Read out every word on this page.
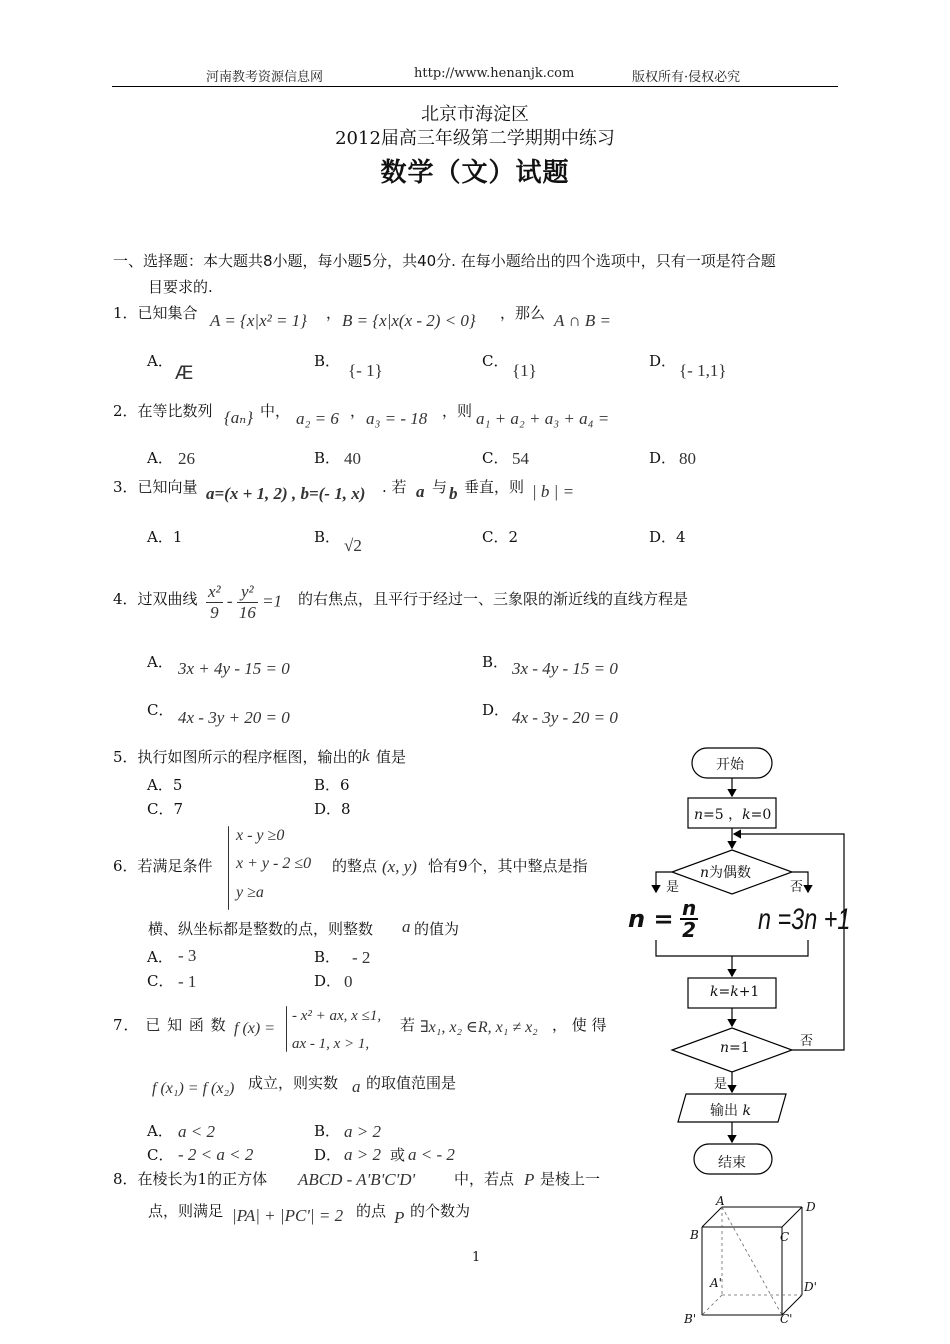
河南教考资源信息网	http://www.henanjk.com	版权所有·侵权必究
北京市海淀区
2012届高三年级第二学期期中练习
数学（文）试题
一、选择题：本大题共8小题，每小题5分，共40分. 在每小题给出的四个选项中，只有一项是符合题
目要求的.
1．已知集合 A = {x|x² = 1} ， B = {x|x(x - 2) < 0} ，那么 A ∩ B =
A．
Æ
B． {- 1}	C． {1}	D． {- 1,1}
2．在等比数列 {aₙ} 中， a₂ = 6 ， a₃ = - 18 ，则 a₁ + a₂ + a₃ + a₄ =
A． 26	B． 40	C． 54	D． 80
3．已知向量 a=(x + 1, 2) , b=(- 1, x) . 若 a 与 b 垂直，则 | b | =
A．1	B． √2	C．2	D．4
4．过双曲线 $\frac{\text{x²}}{9} - \frac{\text{y²}}{16} =1$ 的右焦点，且平行于经过一、三象限的渐近线的直线方程是
A． 3x + 4y - 15 = 0	B． 3x - 4y - 15 = 0
C． 4x - 3y + 20 = 0	D． 4x - 3y - 20 = 0
5．执行如图所示的程序框图，输出的 k 值是
A．5	B．6
C．7	D．8
6．若满足条件
x - y ≥0
x + y - 2 ≤0
y ≥a
的整点 (x, y) 恰有9个，其中整点是指
横、纵坐标都是整数的点，则整数 a 的值为
A． - 3	B． - 2
C． - 1	D． 0
7． 已 知 函 数 f (x) =
- x² + ax, x ≤1,
ax - 1, x > 1,
若 ∃x₁, x₂ ∈R, x₁ ≠ x₂ ， 使 得
f (x₁) = f (x₂) 成立，则实数 a 的取值范围是
A． a < 2	B． a > 2
C． - 2 < a < 2	D． a > 2 或 a < - 2
8．在棱长为1的正方体 ABCD - A'B'C'D'	中，若点 P 是棱上一
点，则满足 |PA| + |PC'| = 2 的点 P 的个数为
开始
n=5 ，k=0
n为偶数
是	否
n = n
2 n =3n +1
k=k+1
n=1	否
是
输出 k
结束
A	D
B	C
A'	D'
B'	C'
1
